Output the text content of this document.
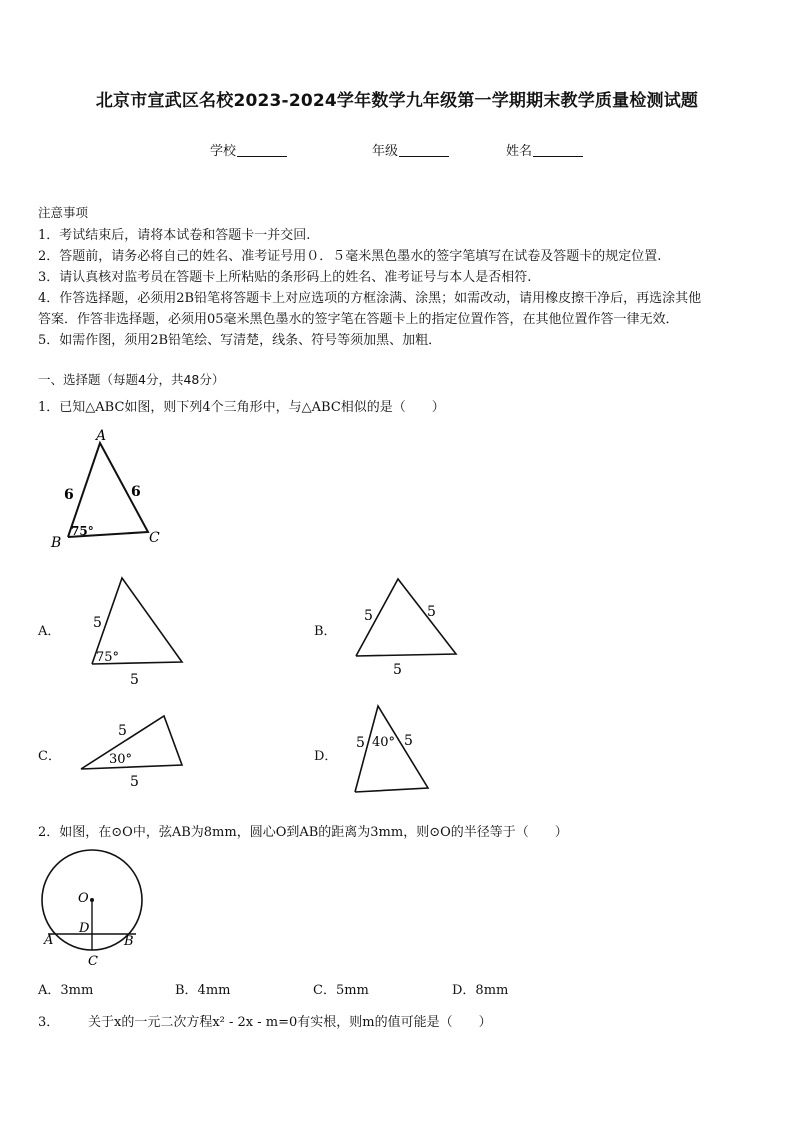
北京市宣武区名校2023-2024学年数学九年级第一学期期末教学质量检测试题
学校	年级	姓名
注意事项
1．考试结束后，请将本试卷和答题卡一并交回.
2．答题前，请务必将自己的姓名、准考证号用０．５毫米黑色墨水的签字笔填写在试卷及答题卡的规定位置.
3．请认真核对监考员在答题卡上所粘贴的条形码上的姓名、准考证号与本人是否相符.
4．作答选择题，必须用2B铅笔将答题卡上对应选项的方框涂满、涂黑；如需改动，请用橡皮擦干净后，再选涂其他
答案．作答非选择题，必须用05毫米黑色墨水的签字笔在答题卡上的指定位置作答，在其他位置作答一律无效．
5．如需作图，须用2B铅笔绘、写清楚，线条、符号等须加黑、加粗．
一、选择题（每题4分，共48分）
1．已知△ABC如图，则下列4个三角形中，与△ABC相似的是（　　）
A
B	C
6	6
75°
A．
5
5
75°
B．
5	5
5
C．
5
5
30°	D．
5	5
40°
2．如图，在⊙O中，弦AB为8mm，圆心O到AB的距离为3mm，则⊙O的半径等于（　　）
O
D
A	B
C
A．3mm	B．4mm	C．5mm	D．8mm
3． 关于x的一元二次方程x² - 2x - m=0有实根，则m的值可能是（　　）
